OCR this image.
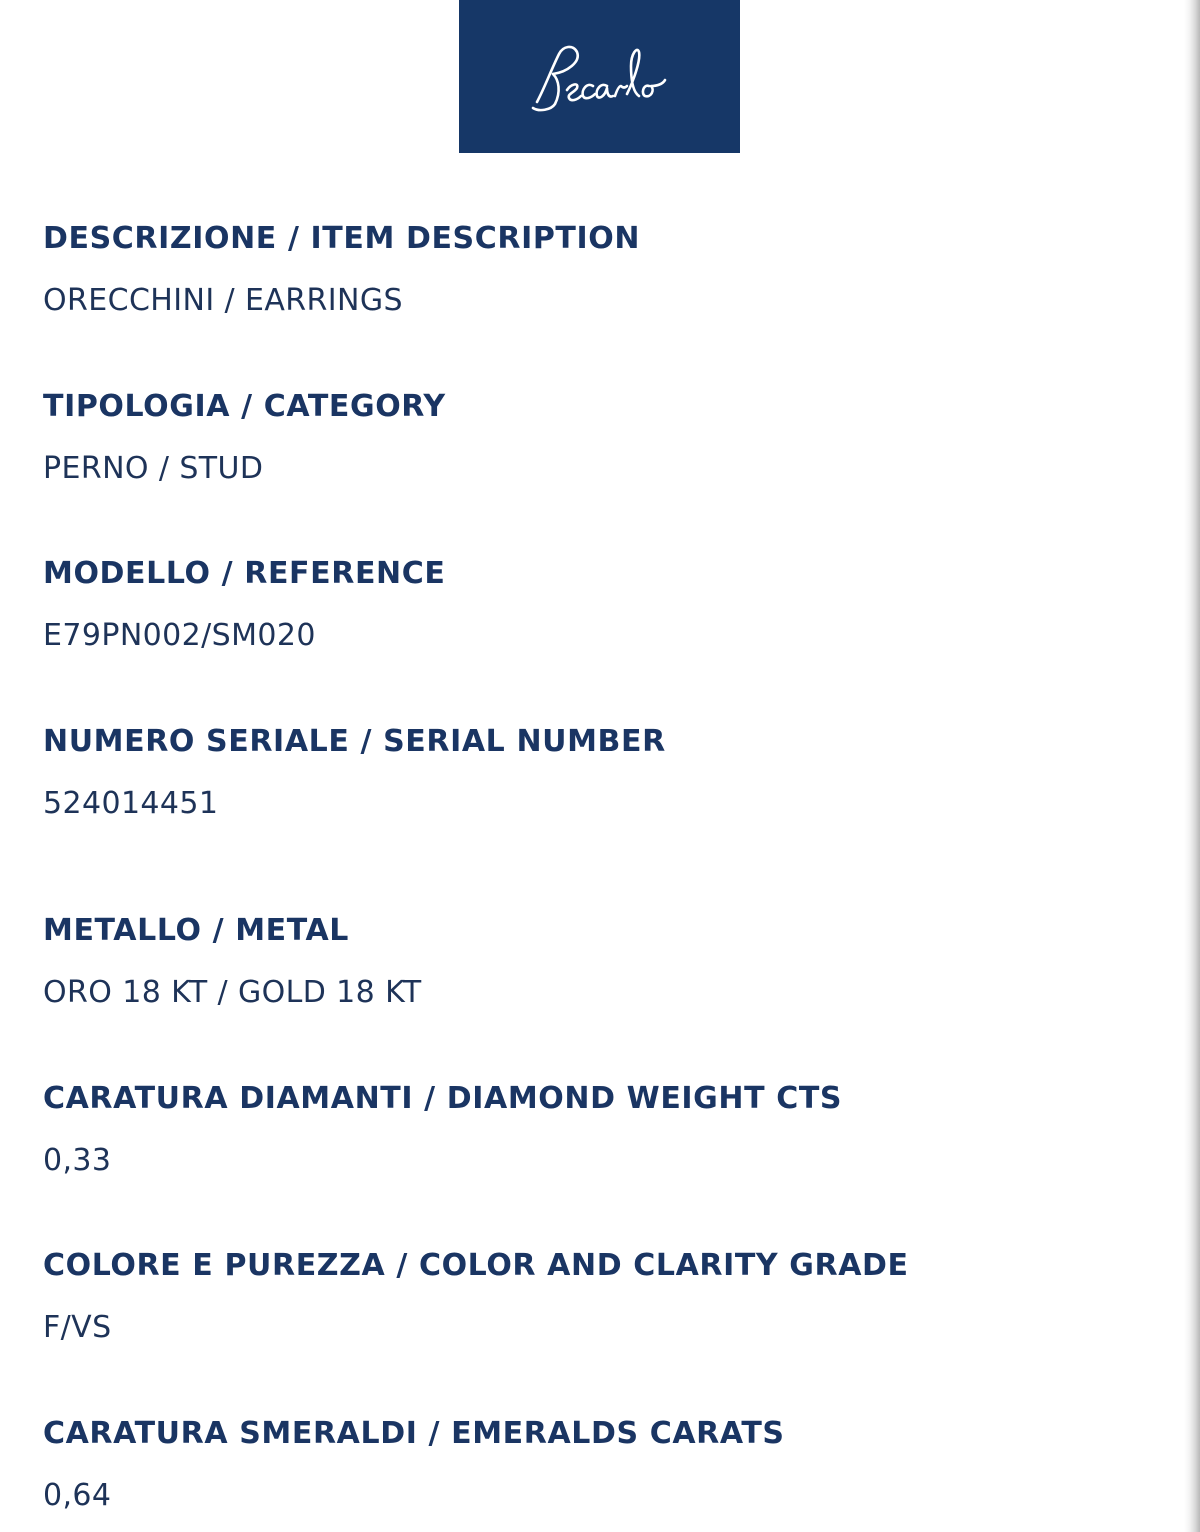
DESCRIZIONE / ITEM DESCRIPTION

ORECCHINI / EARRINGS

TIPOLOGIA / CATEGORY

PERNO / STUD

MODELLO / REFERENCE

E79PN002/SM020

NUMERO SERIALE / SERIAL NUMBER

524014451

METALLO / METAL

ORO 18 KT / GOLD 18 KT

CARATURA DIAMANTI / DIAMOND WEIGHT CTS

0,33

COLORE E PUREZZA / COLOR AND CLARITY GRADE

F/VS

CARATURA SMERALDI / EMERALDS CARATS

0,64
